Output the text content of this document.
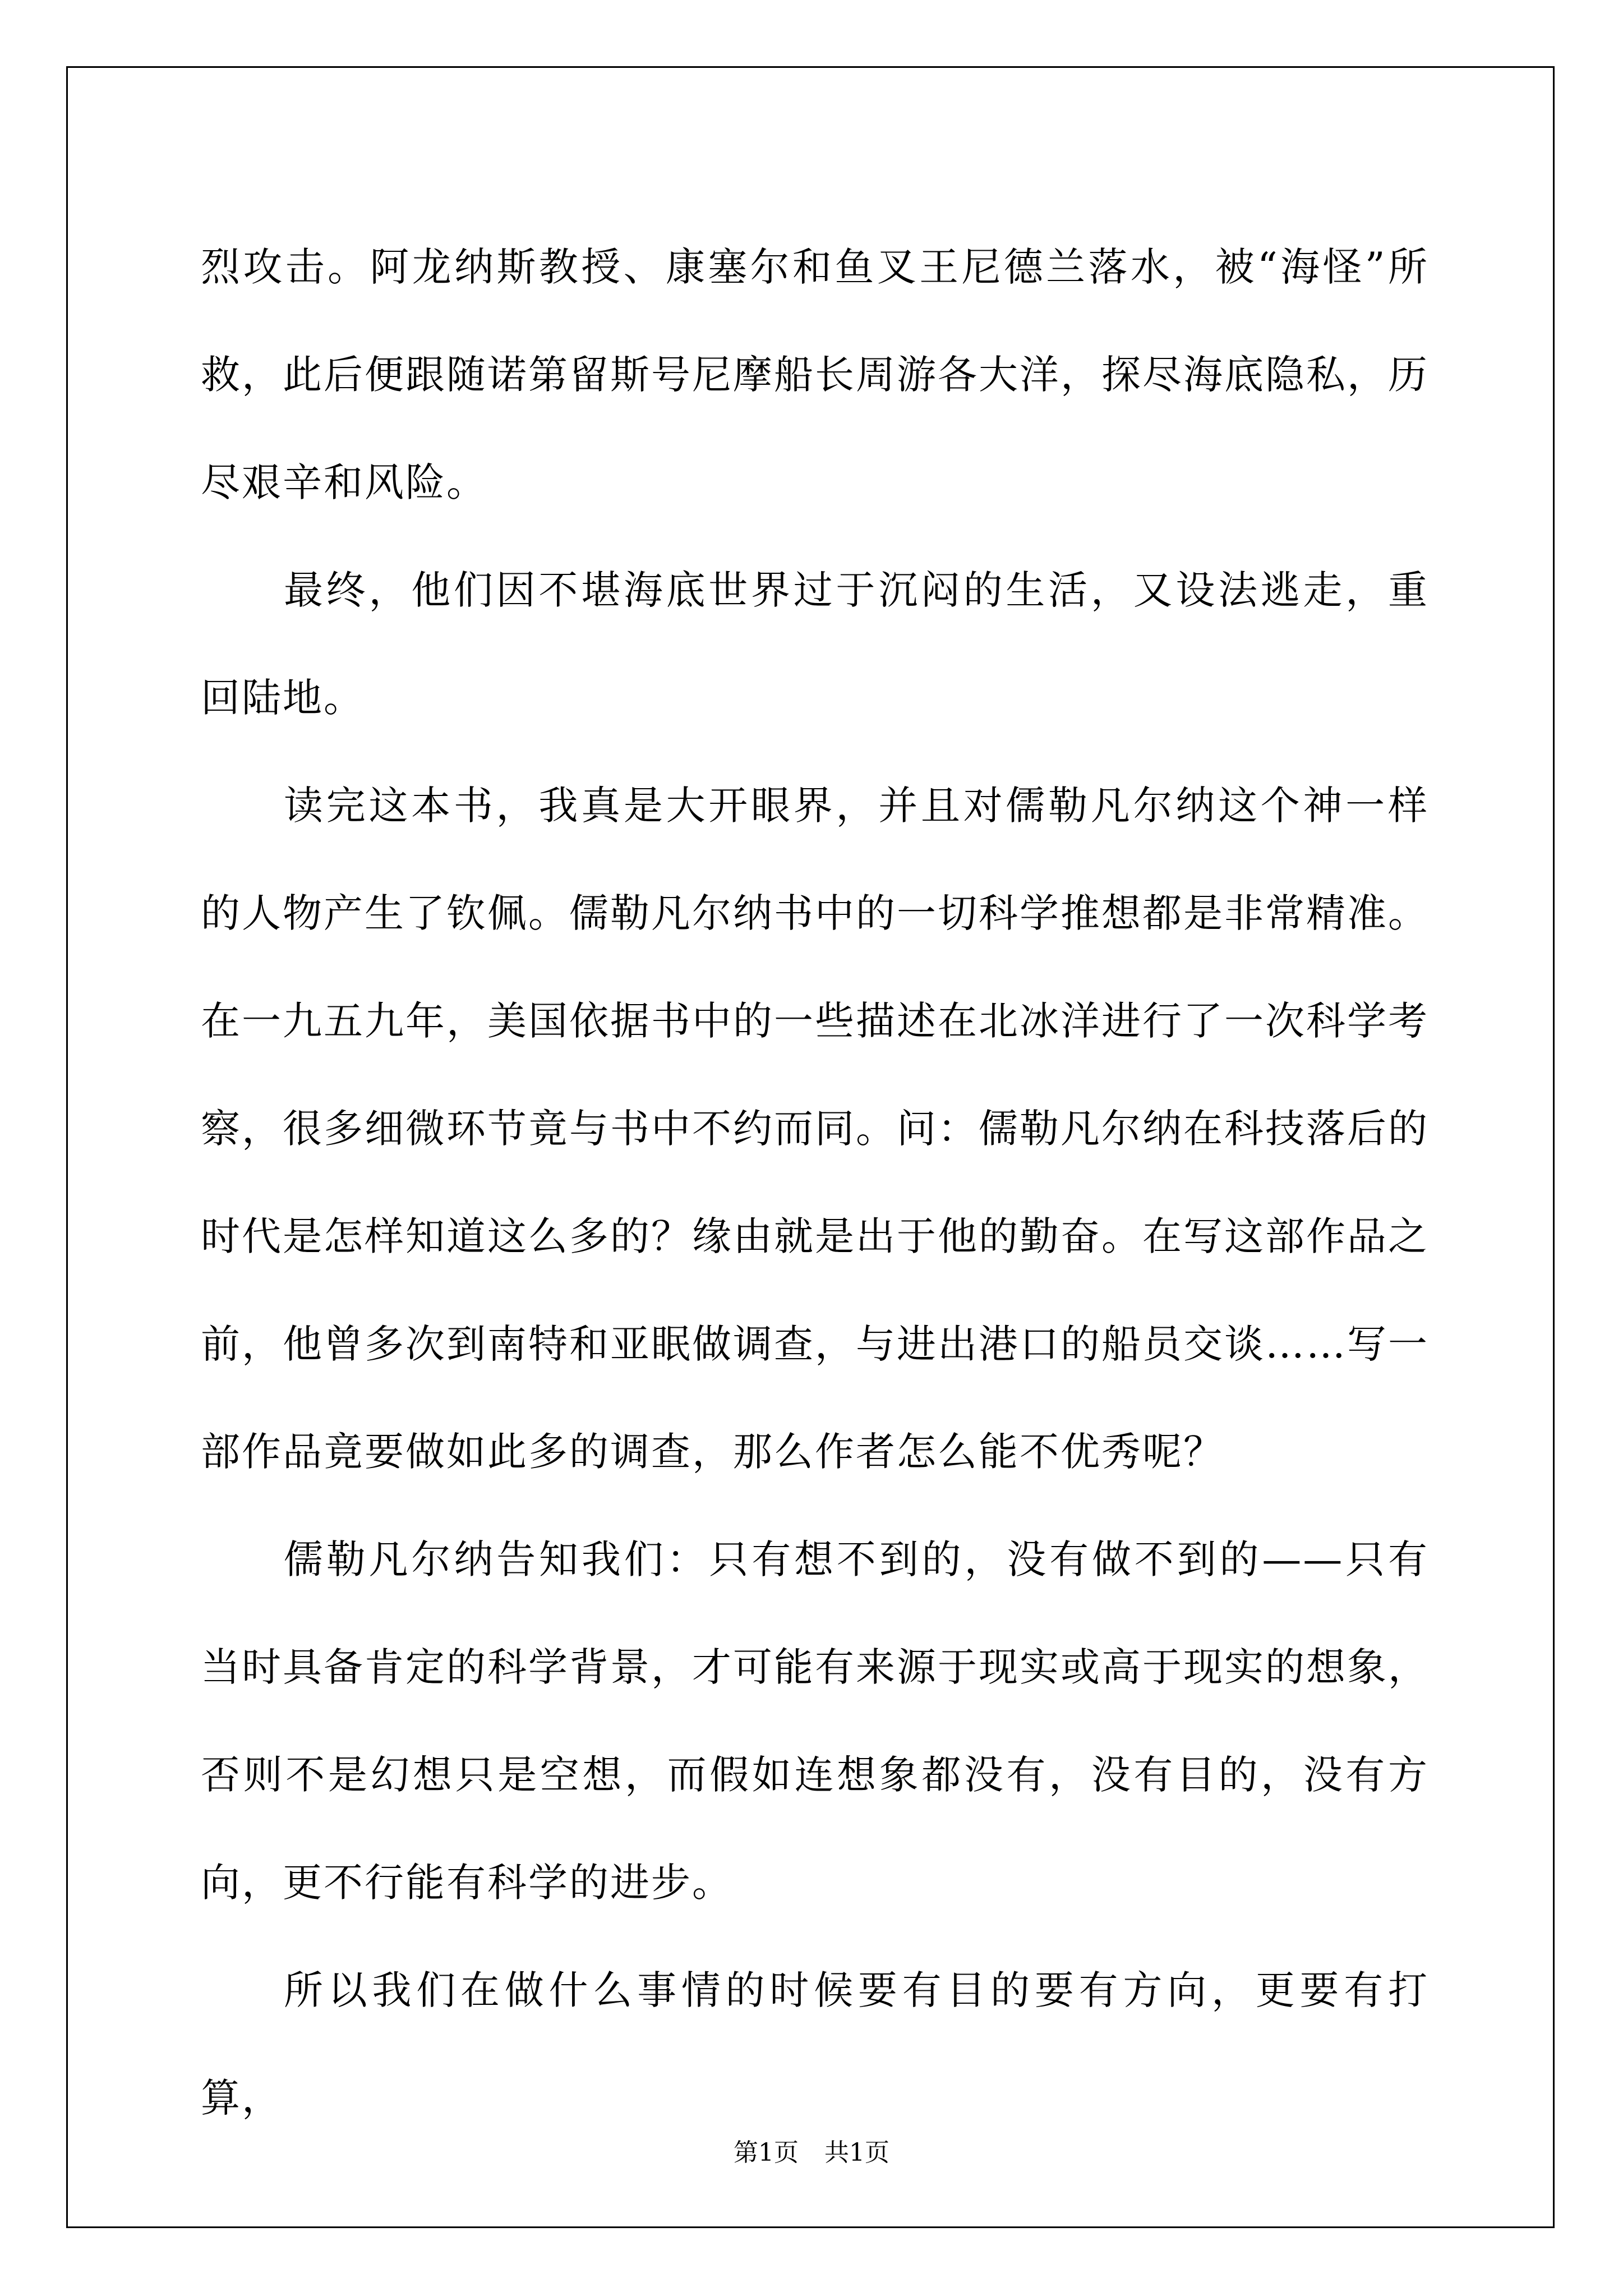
烈攻击。阿龙纳斯教授、康塞尔和鱼叉王尼德兰落水，被“海怪”所救，此后便跟随诺第留斯号尼摩船长周游各大洋，探尽海底隐私，历尽艰辛和风险。

最终，他们因不堪海底世界过于沉闷的生活，又设法逃走，重回陆地。

读完这本书，我真是大开眼界，并且对儒勒凡尔纳这个神一样的人物产生了钦佩。儒勒凡尔纳书中的一切科学推想都是非常精准。在一九五九年，美国依据书中的一些描述在北冰洋进行了一次科学考察，很多细微环节竟与书中不约而同。问：儒勒凡尔纳在科技落后的时代是怎样知道这么多的？缘由就是出于他的勤奋。在写这部作品之前，他曾多次到南特和亚眠做调查，与进出港口的船员交谈……写一部作品竟要做如此多的调查，那么作者怎么能不优秀呢？

儒勒凡尔纳告知我们：只有想不到的，没有做不到的——只有当时具备肯定的科学背景，才可能有来源于现实或高于现实的想象，否则不是幻想只是空想，而假如连想象都没有，没有目的，没有方向，更不行能有科学的进步。

所以我们在做什么事情的时候要有目的要有方向，更要有打算，

第1页 共1页
